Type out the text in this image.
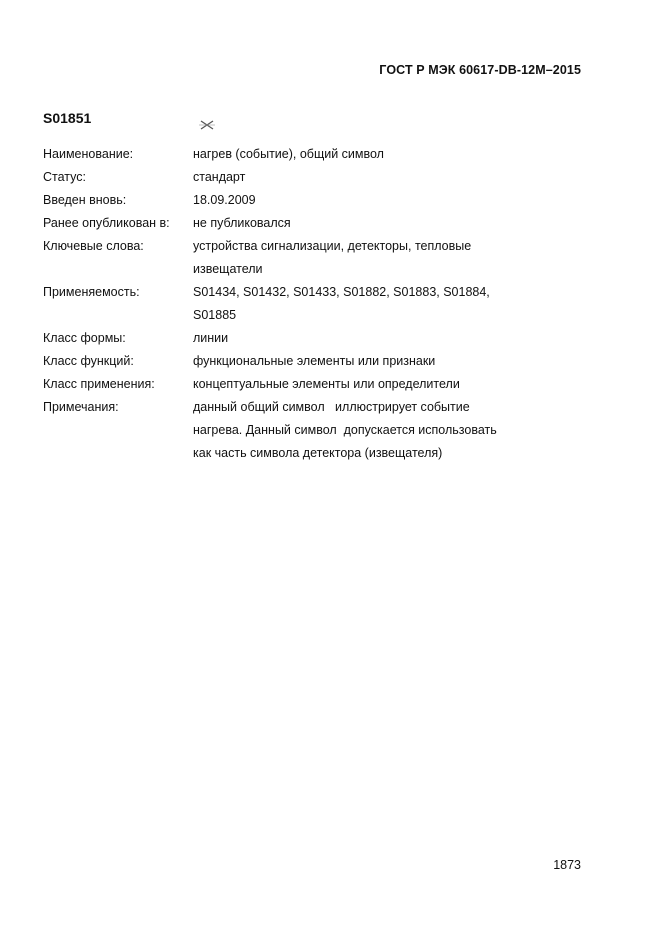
ГОСТ Р МЭК 60617-DB-12M–2015
S01851
Наименование:	нагрев (событие), общий символ
Статус:	стандарт
Введен вновь:	18.09.2009
Ранее опубликован в:	не публиковался
Ключевые слова:	устройства сигнализации, детекторы, тепловые
извещатели
Применяемость:	S01434, S01432, S01433, S01882, S01883, S01884,
S01885
Класс формы:	линии
Класс функций:	функциональные элементы или признаки
Класс применения:	концептуальные элементы или определители
Примечания:	данный общий символ   иллюстрирует событие
нагрева. Данный символ  допускается использовать
как часть символа детектора (извещателя)
1873
